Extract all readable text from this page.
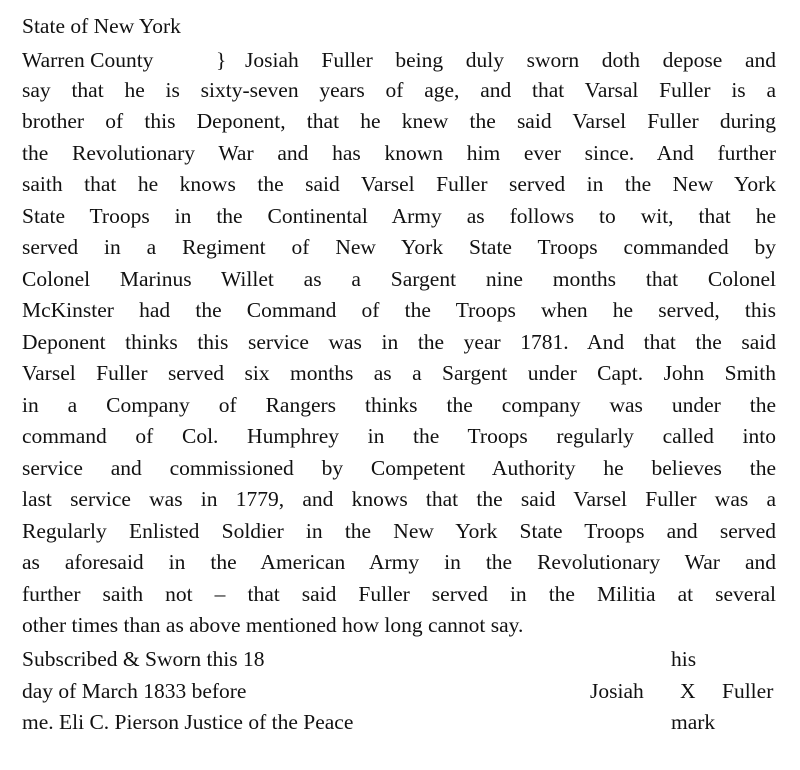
State of New York
Warren County	} Josiah Fuller being duly sworn doth depose and
say that he is sixty-seven years of age, and that Varsal Fuller is a
brother of this Deponent, that he knew the said Varsel Fuller during
the Revolutionary War and has known him ever since. And further
saith that he knows the said Varsel Fuller served in the New York
State Troops in the Continental Army as follows to wit, that he
served in a Regiment of New York State Troops commanded by
Colonel Marinus Willet as a Sargent nine months that Colonel
McKinster had the Command of the Troops when he served, this
Deponent thinks this service was in the year 1781. And that the said
Varsel Fuller served six months as a Sargent under Capt. John Smith
in a Company of Rangers thinks the company was under the
command of Col. Humphrey in the Troops regularly called into
service and commissioned by Competent Authority he believes the
last service was in 1779, and knows that the said Varsel Fuller was a
Regularly Enlisted Soldier in the New York State Troops and served
as aforesaid in the American Army in the Revolutionary War and
further saith not – that said Fuller served in the Militia at several
other times than as above mentioned how long cannot say.
Subscribed & Sworn this 18
day of March 1833 before
me. Eli C. Pierson Justice of the Peace
his
Josiah X Fuller
mark
